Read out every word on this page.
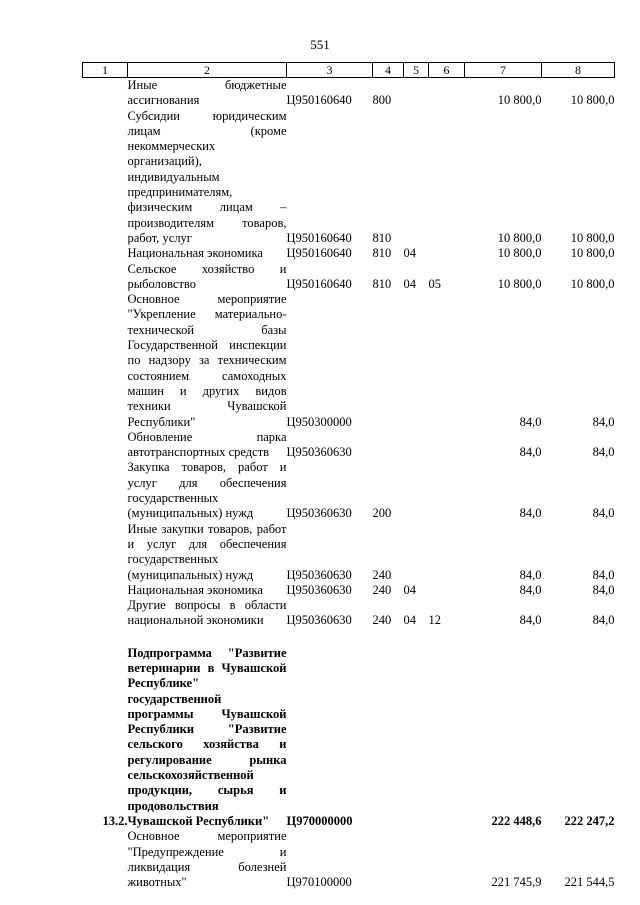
551
1	2	3	4	5	6	7	8
	Иные бюджетные ассигнования	Ц950160640	800			10 800,0	10 800,0
	Субсидии юридическим лицам (кроме некоммерческих организаций), индивидуальным предпринимателям, физическим лицам – производителям товаров, работ, услуг	Ц950160640	810			10 800,0	10 800,0
	Национальная экономика	Ц950160640	810	04		10 800,0	10 800,0
	Сельское хозяйство и рыболовство	Ц950160640	810	04	05	10 800,0	10 800,0
	Основное мероприятие "Укрепление материально-технической базы Государственной инспекции по надзору за техническим состоянием самоходных машин и других видов техники Чувашской Республики"	Ц950300000				84,0	84,0
	Обновление парка автотранспортных средств	Ц950360630				84,0	84,0
	Закупка товаров, работ и услуг для обеспечения государственных (муниципальных) нужд	Ц950360630	200			84,0	84,0
	Иные закупки товаров, работ и услуг для обеспечения государственных (муниципальных) нужд	Ц950360630	240			84,0	84,0
	Национальная экономика	Ц950360630	240	04		84,0	84,0
	Другие вопросы в области национальной экономики	Ц950360630	240	04	12	84,0	84,0

13.2.	Подпрограмма "Развитие ветеринарии в Чувашской Республике" государственной программы Чувашской Республики "Развитие сельского хозяйства и регулирование рынка сельскохозяйственной продукции, сырья и продовольствия Чувашской Республики"	Ц970000000				222 448,6	222 247,2
	Основное мероприятие "Предупреждение и ликвидация болезней животных"	Ц970100000				221 745,9	221 544,5
